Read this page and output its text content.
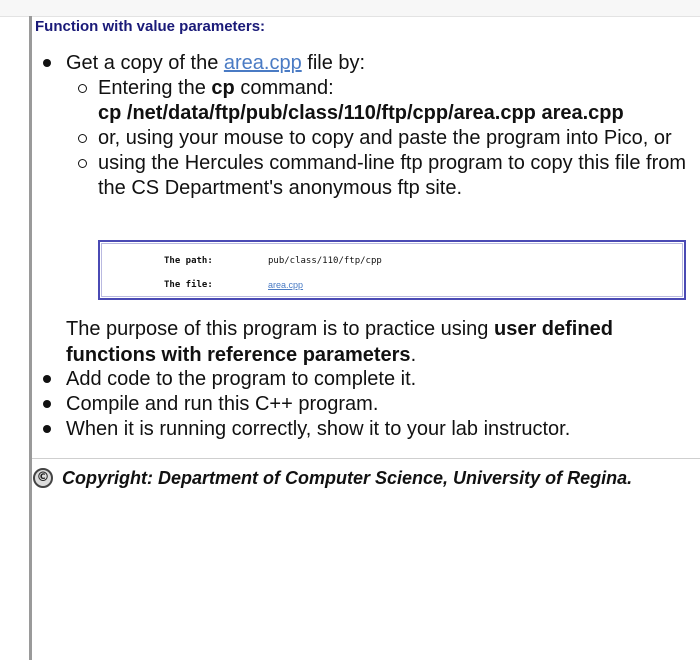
Function with value parameters:
Get a copy of the area.cpp file by:
Entering the cp command:
cp /net/data/ftp/pub/class/110/ftp/cpp/area.cpp area.cpp
or, using your mouse to copy and paste the program into Pico, or
using the Hercules command-line ftp program to copy this file from the CS Department's anonymous ftp site.
The path:	pub/class/110/ftp/cpp
The file:	area.cpp
The purpose of this program is to practice using user defined functions with reference parameters.
Add code to the program to complete it.
Compile and run this C++ program.
When it is running correctly, show it to your lab instructor.
© Copyright: Department of Computer Science, University of Regina.
